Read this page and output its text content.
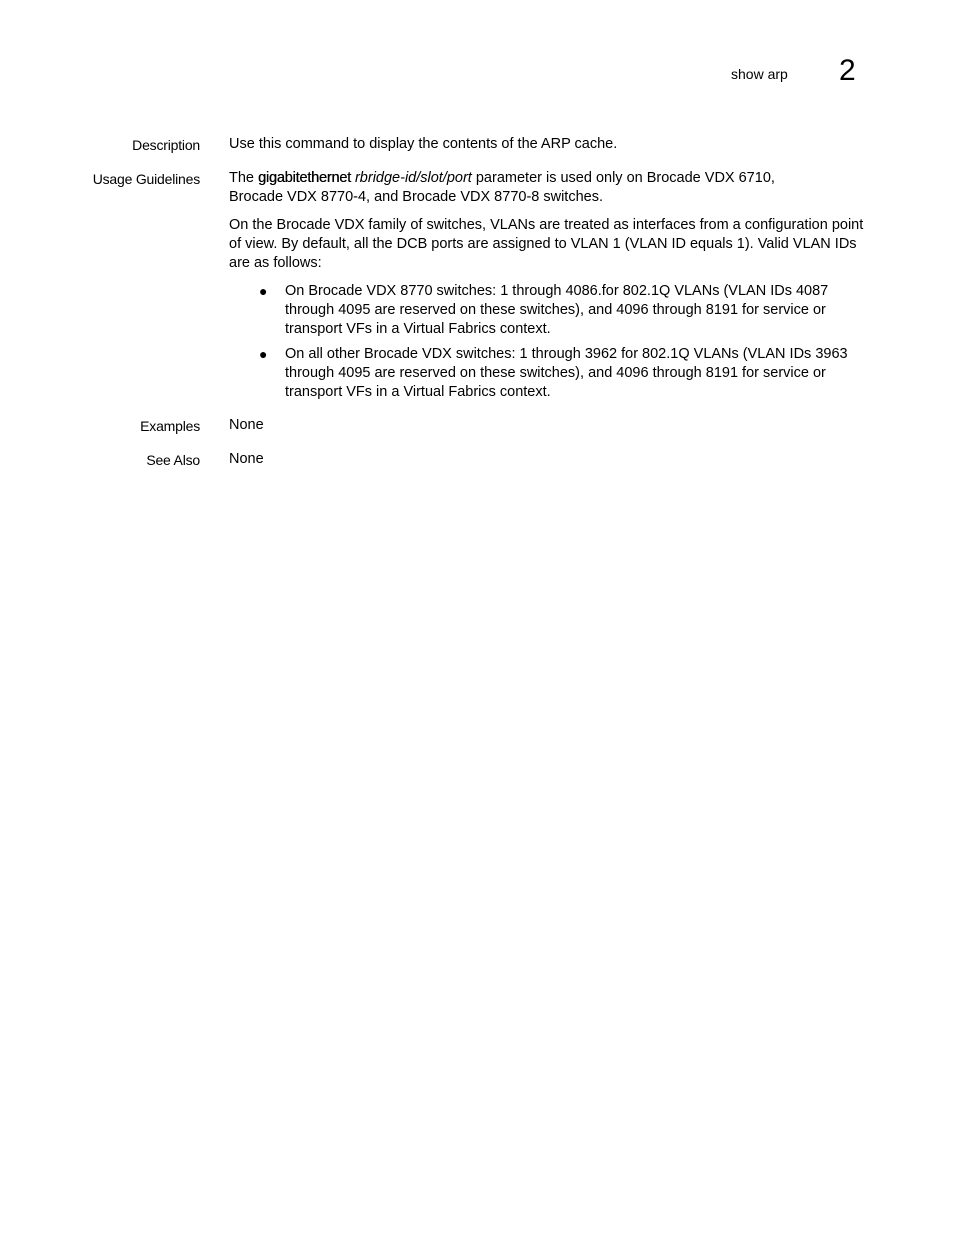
show arp 2
Description Use this command to display the contents of the ARP cache.

Usage Guidelines The gigabitethernet rbridge-id/slot/port parameter is used only on Brocade VDX 6710, Brocade VDX 8770-4, and Brocade VDX 8770-8 switches.

On the Brocade VDX family of switches, VLANs are treated as interfaces from a configuration point of view. By default, all the DCB ports are assigned to VLAN 1 (VLAN ID equals 1). Valid VLAN IDs are as follows:

● On Brocade VDX 8770 switches: 1 through 4086.for 802.1Q VLANs (VLAN IDs 4087 through 4095 are reserved on these switches), and 4096 through 8191 for service or transport VFs in a Virtual Fabrics context.
● On all other Brocade VDX switches: 1 through 3962 for 802.1Q VLANs (VLAN IDs 3963 through 4095 are reserved on these switches), and 4096 through 8191 for service or transport VFs in a Virtual Fabrics context.
Examples None

See Also None
